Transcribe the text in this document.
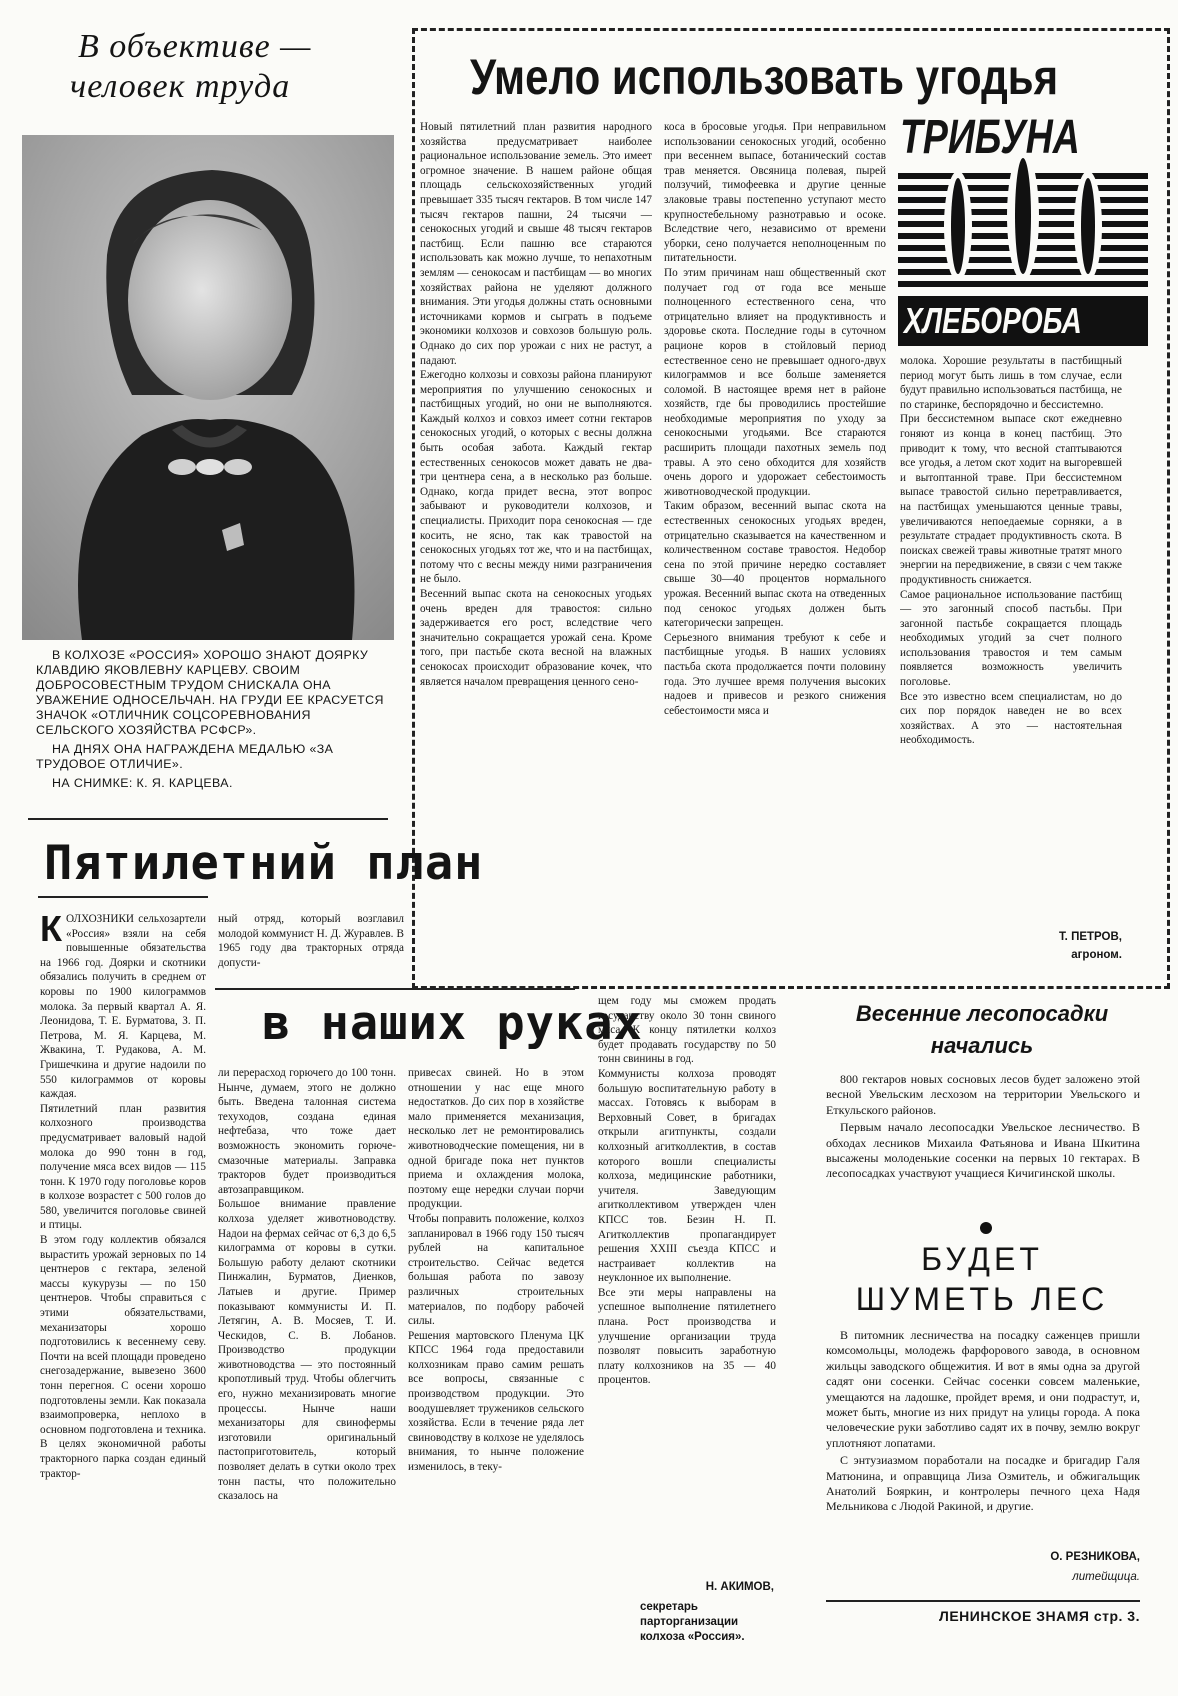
В объективе —
человек труда

В КОЛХОЗЕ «РОССИЯ» ХОРОШО ЗНАЮТ ДОЯРКУ КЛАВДИЮ ЯКОВЛЕВНУ КАРЦЕВУ. СВОИМ ДОБРОСОВЕСТНЫМ ТРУДОМ СНИСКАЛА ОНА УВАЖЕНИЕ ОДНОСЕЛЬЧАН. НА ГРУДИ ЕЕ КРАСУЕТСЯ ЗНАЧОК «ОТЛИЧНИК СОЦСОРЕВНОВАНИЯ СЕЛЬСКОГО ХОЗЯЙСТВА РСФСР».

НА ДНЯХ ОНА НАГРАЖДЕНА МЕДАЛЬЮ «ЗА ТРУДОВОЕ ОТЛИЧИЕ».

НА СНИМКЕ: К. Я. КАРЦЕВА.

Умело использовать угодья
ТРИБУНА
ХЛЕБОРОБА
Новый пятилетний план развития народного хозяйства предусматривает наиболее рациональное использование земель. Это имеет огромное значение. В нашем районе общая площадь сельскохозяйственных угодий превышает 335 тысяч гектаров. В том числе 147 тысяч гектаров пашни, 24 тысячи — сенокосных угодий и свыше 48 тысяч гектаров пастбищ. Если пашню все стараются использовать как можно лучше, то непахотным землям — сенокосам и пастбищам — во многих хозяйствах района не уделяют должного внимания. Эти угодья должны стать основными источниками кормов и сыграть в подъеме экономики колхозов и совхозов большую роль. Однако до сих пор урожаи с них не растут, а падают.
Ежегодно колхозы и совхозы района планируют мероприятия по улучшению сенокосных и пастбищных угодий, но они не выполняются. Каждый колхоз и совхоз имеет сотни гектаров сенокосных угодий, о которых с весны должна быть особая забота. Каждый гектар естественных сенокосов может давать не два-три центнера сена, а в несколько раз больше. Однако, когда придет весна, этот вопрос забывают и руководители колхозов, и специалисты. Приходит пора сенокосная — где косить, не ясно, так как травостой на сенокосных угодьях тот же, что и на пастбищах, потому что с весны между ними разграничения не было.
Весенний выпас скота на сенокосных угодьях очень вреден для травостоя: сильно задерживается его рост, вследствие чего значительно сокращается урожай сена. Кроме того, при пастьбе скота весной на влажных сенокосах происходит образование кочек, что является началом превращения ценного сено-
коса в бросовые угодья. При неправильном использовании сенокосных угодий, особенно при весеннем выпасе, ботанический состав трав меняется. Овсяница полевая, пырей ползучий, тимофеевка и другие ценные злаковые травы постепенно уступают место крупностебельному разнотравью и осоке. Вследствие чего, независимо от времени уборки, сено получается неполноценным по питательности.
По этим причинам наш общественный скот получает год от года все меньше полноценного естественного сена, что отрицательно влияет на продуктивность и здоровье скота. Последние годы в суточном рационе коров в стойловый период естественное сено не превышает одного-двух килограммов и все больше заменяется соломой. В настоящее время нет в районе хозяйств, где бы проводились простейшие необходимые мероприятия по уходу за сенокосными угодьями. Все стараются расширить площади пахотных земель под травы. А это сено обходится для хозяйств очень дорого и удорожает себестоимость животноводческой продукции.
Таким образом, весенний выпас скота на естественных сенокосных угодьях вреден, отрицательно сказывается на качественном и количественном составе травостоя. Недобор сена по этой причине нередко составляет свыше 30—40 процентов нормального урожая. Весенний выпас скота на отведенных под сенокос угодьях должен быть категорически запрещен.
Серьезного внимания требуют к себе и пастбищные угодья. В наших условиях пастьба скота продолжается почти половину года. Это лучшее время получения высоких надоев и привесов и резкого снижения себестоимости мяса и
молока. Хорошие результаты в пастбищный период могут быть лишь в том случае, если будут правильно использоваться пастбища, не по старинке, беспорядочно и бессистемно.
При бессистемном выпасе скот ежедневно гоняют из конца в конец пастбищ. Это приводит к тому, что весной стаптываются все угодья, а летом скот ходит на выгоревшей и вытоптанной траве. При бессистемном выпасе травостой сильно перетравливается, на пастбищах уменьшаются ценные травы, увеличиваются непоедаемые сорняки, а в результате страдает продуктивность скота. В поисках свежей травы животные тратят много энергии на передвижение, в связи с чем также продуктивность снижается.
Самое рациональное использование пастбищ — это загонный способ пастьбы. При загонной пастьбе сокращается площадь необходимых угодий за счет полного использования травостоя и тем самым появляется возможность увеличить поголовье.
Все это известно всем специалистам, но до сих пор порядок наведен не во всех хозяйствах. А это — настоятельная необходимость.
Т. ПЕТРОВ,
агроном.
Пятилетний план
в наших руках
КОЛХОЗНИКИ сельхозартели «Россия» взяли на себя повышенные обязательства на 1966 год. Доярки и скотники обязались получить в среднем от коровы по 1900 килограммов молока. За первый квартал А. Я. Леонидова, Т. Е. Бурматова, З. П. Петрова, М. Я. Карцева, М. Жвакина, Т. Рудакова, А. М. Гришечкина и другие надоили по 550 килограммов от коровы каждая.
Пятилетний план развития колхозного производства предусматривает валовый надой молока до 990 тонн в год, получение мяса всех видов — 115 тонн. К 1970 году поголовье коров в колхозе возрастет с 500 голов до 580, увеличится поголовье свиней и птицы.
В этом году коллектив обязался вырастить урожай зерновых по 14 центнеров с гектара, зеленой массы кукурузы — по 150 центнеров. Чтобы справиться с этими обязательствами, механизаторы хорошо подготовились к весеннему севу. Почти на всей площади проведено снегозадержание, вывезено 3600 тонн перегноя. С осени хорошо подготовлены земли. Как показала взаимопроверка, неплохо в основном подготовлена и техника. В целях экономичной работы тракторного парка создан единый трактор-
ный отряд, который возглавил молодой коммунист Н. Д. Журавлев. В 1965 году два тракторных отряда допусти-
ли перерасход горючего до 100 тонн. Нынче, думаем, этого не должно быть. Введена талонная система техуходов, создана единая нефтебаза, что тоже дает возможность экономить горюче-смазочные материалы. Заправка тракторов будет производиться автозаправщиком.
Большое внимание правление колхоза уделяет животноводству. Надои на фермах сейчас от 6,3 до 6,5 килограмма от коровы в сутки. Большую работу делают скотники Пинжалин, Бурматов, Диенков, Латыев и другие. Пример показывают коммунисты И. П. Летягин, А. В. Мосяев, Т. И. Ческидов, С. В. Лобанов. Производство продукции животноводства — это постоянный кропотливый труд. Чтобы облегчить его, нужно механизировать многие процессы. Нынче наши механизаторы для свинофермы изготовили оригинальный пастоприготовитель, который позволяет делать в сутки около трех тонн пасты, что положительно сказалось на
привесах свиней. Но в этом отношении у нас еще много недостатков. До сих пор в хозяйстве мало применяется механизация, несколько лет не ремонтировались животноводческие помещения, ни в одной бригаде пока нет пунктов приема и охлаждения молока, поэтому еще нередки случаи порчи продукции.
Чтобы поправить положение, колхоз запланировал в 1966 году 150 тысяч рублей на капитальное строительство. Сейчас ведется большая работа по завозу различных строительных материалов, по подбору рабочей силы.
Решения мартовского Пленума ЦК КПСС 1964 года предоставили колхозникам право самим решать все вопросы, связанные с производством продукции. Это воодушевляет тружеников сельского хозяйства. Если в течение ряда лет свиноводству в колхозе не уделялось внимания, то нынче положение изменилось, в теку-
щем году мы сможем продать государству около 30 тонн свиного мяса. К концу пятилетки колхоз будет продавать государству по 50 тонн свинины в год.
Коммунисты колхоза проводят большую воспитательную работу в массах. Готовясь к выборам в Верховный Совет, в бригадах открыли агитпункты, создали колхозный агитколлектив, в состав которого вошли специалисты колхоза, медицинские работники, учителя. Заведующим агитколлективом утвержден член КПСС тов. Безин Н. П. Агитколлектив пропагандирует решения XXIII съезда КПСС и настраивает коллектив на неуклонное их выполнение.
Все эти меры направлены на успешное выполнение пятилетнего плана. Рост производства и улучшение организации труда позволят повысить заработную плату колхозников на 35 — 40 процентов.
Н. АКИМОВ,
секретарь парторганизации колхоза «Россия».
Весенние лесопосадки начались

800 гектаров новых сосновых лесов будет заложено этой весной Увельским лесхозом на территории Увельского и Еткульского районов.

Первым начало лесопосадки Увельское лесничество. В обходах лесников Михаила Фатьянова и Ивана Шкитина высажены молоденькие сосенки на первых 10 гектарах. В лесопосадках участвуют учащиеся Кичигинской школы.

БУДЕТ
ШУМЕТЬ ЛЕС

В питомник лесничества на посадку саженцев пришли комсомольцы, молодежь фарфорового завода, в основном жильцы заводского общежития. И вот в ямы одна за другой садят они сосенки. Сейчас сосенки совсем маленькие, умещаются на ладошке, пройдет время, и они подрастут, и, может быть, многие из них придут на улицы города. А пока человеческие руки заботливо садят их в почву, землю вокруг уплотняют лопатами.

С энтузиазмом поработали на посадке и бригадир Галя Матюнина, и оправщица Лиза Озмитель, и обжигальщик Анатолий Бояркин, и контролеры печного цеха Надя Мельникова с Людой Ракиной, и другие.

О. РЕЗНИКОВА,
литейщица.
ЛЕНИНСКОЕ ЗНАМЯ стр. 3.
